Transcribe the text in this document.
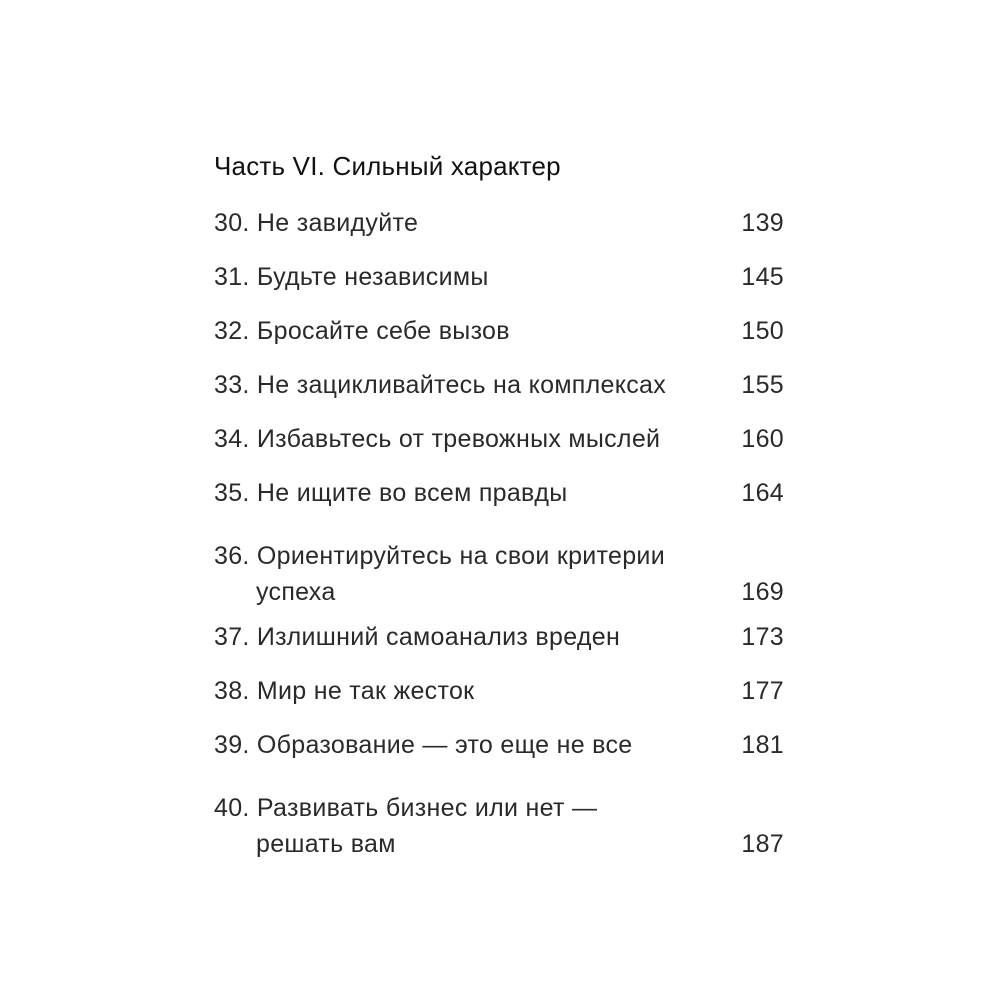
Часть VI. Сильный характер
30. Не завидуйте	139
31. Будьте независимы	145
32. Бросайте себе вызов	150
33. Не зацикливайтесь на комплексах	155
34. Избавьтесь от тревожных мыслей	160
35. Не ищите во всем правды	164
36. Ориентируйтесь на свои критерии
успеха	169
37. Излишний самоанализ вреден	173
38. Мир не так жесток	177
39. Образование — это еще не все	181
40. Развивать бизнес или нет —
решать вам	187
